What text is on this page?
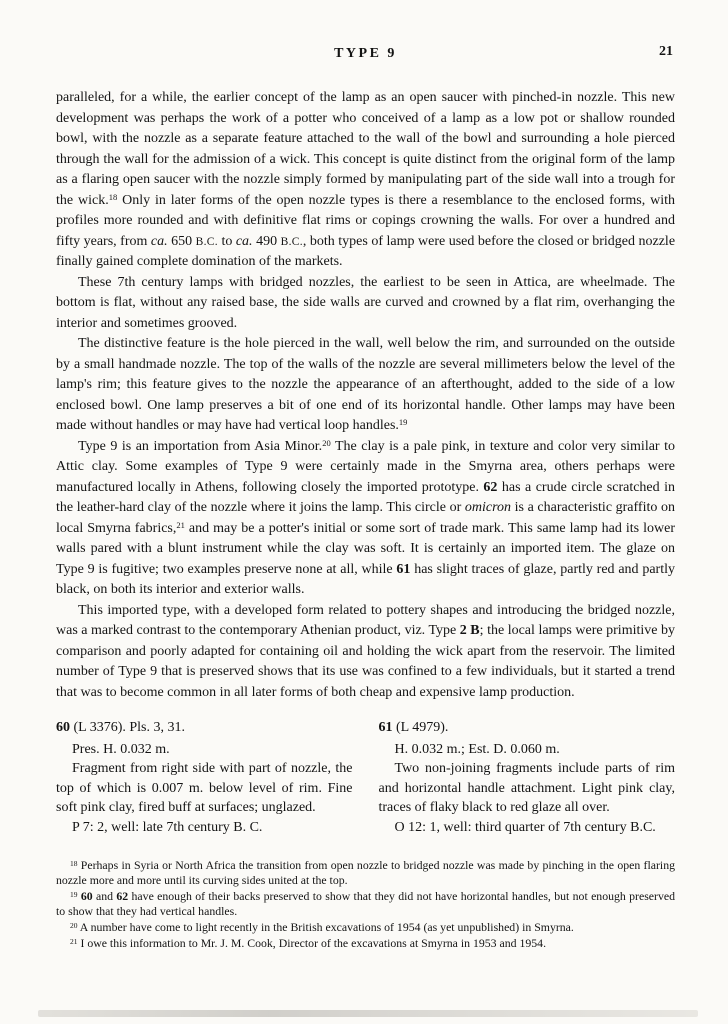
TYPE 9	21

paralleled, for a while, the earlier concept of the lamp as an open saucer with pinched-in nozzle. This new development was perhaps the work of a potter who conceived of a lamp as a low pot or shallow rounded bowl, with the nozzle as a separate feature attached to the wall of the bowl and surrounding a hole pierced through the wall for the admission of a wick. This concept is quite distinct from the original form of the lamp as a flaring open saucer with the nozzle simply formed by manipulating part of the side wall into a trough for the wick.$^{18}$ Only in later forms of the open nozzle types is there a resemblance to the enclosed forms, with profiles more rounded and with definitive flat rims or copings crowning the walls. For over a hundred and fifty years, from ca. 650 B.C. to ca. 490 B.C., both types of lamp were used before the closed or bridged nozzle finally gained complete domination of the markets.

These 7th century lamps with bridged nozzles, the earliest to be seen in Attica, are wheelmade. The bottom is flat, without any raised base, the side walls are curved and crowned by a flat rim, overhanging the interior and sometimes grooved.

The distinctive feature is the hole pierced in the wall, well below the rim, and surrounded on the outside by a small handmade nozzle. The top of the walls of the nozzle are several millimeters below the level of the lamp's rim; this feature gives to the nozzle the appearance of an afterthought, added to the side of a low enclosed bowl. One lamp preserves a bit of one end of its horizontal handle. Other lamps may have been made without handles or may have had vertical loop handles.$^{19}$

Type 9 is an importation from Asia Minor.$^{20}$ The clay is a pale pink, in texture and color very similar to Attic clay. Some examples of Type 9 were certainly made in the Smyrna area, others perhaps were manufactured locally in Athens, following closely the imported prototype. 62 has a crude circle scratched in the leather-hard clay of the nozzle where it joins the lamp. This circle or omicron is a characteristic graffito on local Smyrna fabrics,$^{21}$ and may be a potter's initial or some sort of trade mark. This same lamp had its lower walls pared with a blunt instrument while the clay was soft. It is certainly an imported item. The glaze on Type 9 is fugitive; two examples preserve none at all, while 61 has slight traces of glaze, partly red and partly black, on both its interior and exterior walls.

This imported type, with a developed form related to pottery shapes and introducing the bridged nozzle, was a marked contrast to the contemporary Athenian product, viz. Type 2 B; the local lamps were primitive by comparison and poorly adapted for containing oil and holding the wick apart from the reservoir. The limited number of Type 9 that is preserved shows that its use was confined to a few individuals, but it started a trend that was to become common in all later forms of both cheap and expensive lamp production.

60 (L 3376). Pls. 3, 31.

Pres. H. 0.032 m.

Fragment from right side with part of nozzle, the top of which is 0.007 m. below level of rim. Fine soft pink clay, fired buff at surfaces; unglazed.

P 7: 2, well: late 7th century B. C.

61 (L 4979).

H. 0.032 m.; Est. D. 0.060 m.

Two non-joining fragments include parts of rim and horizontal handle attachment. Light pink clay, traces of flaky black to red glaze all over.

O 12: 1, well: third quarter of 7th century B.C.

$^{18}$ Perhaps in Syria or North Africa the transition from open nozzle to bridged nozzle was made by pinching in the open flaring nozzle more and more until its curving sides united at the top.

$^{19}$ 60 and 62 have enough of their backs preserved to show that they did not have horizontal handles, but not enough preserved to show that they had vertical handles.

$^{20}$ A number have come to light recently in the British excavations of 1954 (as yet unpublished) in Smyrna.

$^{21}$ I owe this information to Mr. J. M. Cook, Director of the excavations at Smyrna in 1953 and 1954.
